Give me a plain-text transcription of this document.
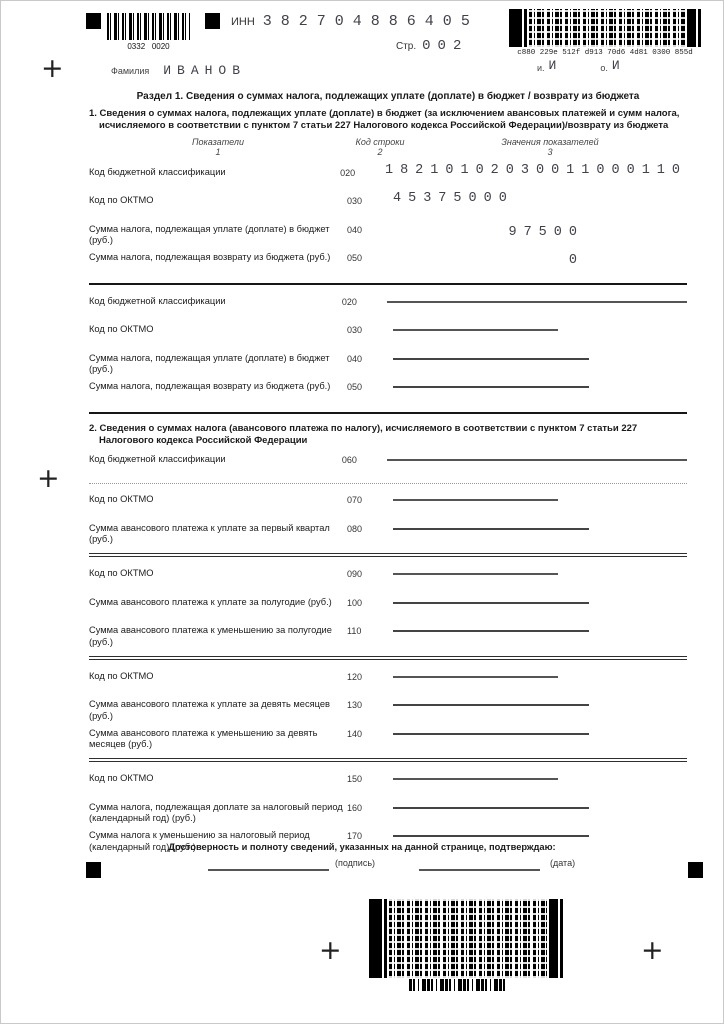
0332   0020
+
ИНН 382704886405
Стр. 002
Фамилия ИВАНОВ
c880 229e 512f d913 70d6 4d81 0300 855d
и. И	о. И
+
Раздел 1. Сведения о суммах налога, подлежащих уплате (доплате) в бюджет / возврату из бюджета
1. Сведения о суммах налога, подлежащих уплате (доплате) в бюджет (за исключением авансовых платежей и сумм налога, исчисляемого в соответствии с пунктом 7 статьи 227 Налогового кодекса Российской Федерации)/возврату из бюджета
Показатели
1
Код строки
2
Значения показателей
3
Код бюджетной классификации	020	18210102030011000110
Код по ОКТМО	030	45375000
Сумма налога, подлежащая уплате (доплате) в бюджет (руб.)
040	97500
Сумма налога, подлежащая возврату из бюджета (руб.)	050	0
Код бюджетной классификации	020
Код по ОКТМО	030
Сумма налога, подлежащая уплате (доплате) в бюджет (руб.)
040
Сумма налога, подлежащая возврату из бюджета (руб.)	050
2. Сведения о суммах налога (авансового платежа по налогу), исчисляемого в соответствии с пунктом 7 статьи 227 Налогового кодекса Российской Федерации
Код бюджетной классификации	060
Код по ОКТМО	070
Сумма авансового платежа к уплате за первый квартал (руб.)
080
Код по ОКТМО	090
Сумма авансового платежа к уплате за полугодие (руб.)	100
Сумма авансового платежа к уменьшению за полугодие (руб.)
110
Код по ОКТМО	120
Сумма авансового платежа к уплате за девять месяцев (руб.)
130
Сумма авансового платежа к уменьшению за девять месяцев (руб.)
140
Код по ОКТМО	150
Сумма налога, подлежащая доплате за налоговый период (календарный год) (руб.)
160
Сумма налога к уменьшению за налоговый период (календарный год) (руб.)
170
Достоверность и полноту сведений, указанных на данной странице, подтверждаю:
(подпись)	(дата)
+	+
